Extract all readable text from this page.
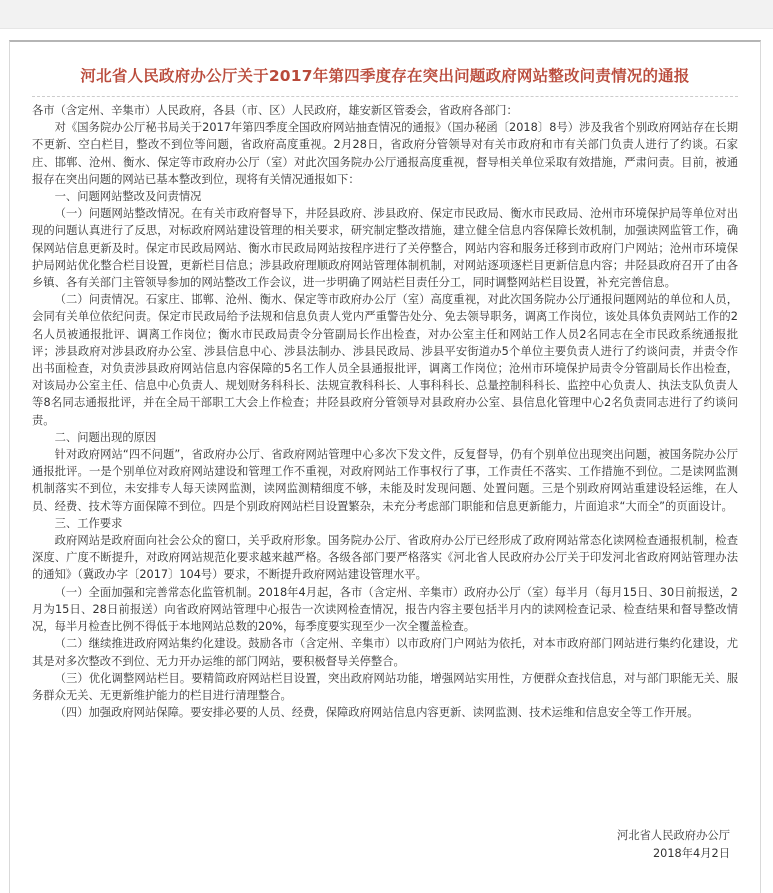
河北省人民政府办公厅关于2017年第四季度存在突出问题政府网站整改问责情况的通报

各市（含定州、辛集市）人民政府，各县（市、区）人民政府，雄安新区管委会，省政府各部门：

对《国务院办公厅秘书局关于2017年第四季度全国政府网站抽查情况的通报》（国办秘函〔2018〕8号）涉及我省个别政府网站存在长期不更新、空白栏目，整改不到位等问题，省政府高度重视。2月28日，省政府分管领导对有关市政府和市有关部门负责人进行了约谈。石家庄、邯郸、沧州、衡水、保定等市政府办公厅（室）对此次国务院办公厅通报高度重视，督导相关单位采取有效措施，严肃问责。目前，被通报存在突出问题的网站已基本整改到位，现将有关情况通报如下：

一、问题网站整改及问责情况

（一）问题网站整改情况。在有关市政府督导下，井陉县政府、涉县政府、保定市民政局、衡水市民政局、沧州市环境保护局等单位对出现的问题认真进行了反思，对标政府网站建设管理的相关要求，研究制定整改措施，建立健全信息内容保障长效机制，加强读网监管工作，确保网站信息更新及时。保定市民政局网站、衡水市民政局网站按程序进行了关停整合，网站内容和服务迁移到市政府门户网站；沧州市环境保护局网站优化整合栏目设置，更新栏目信息；涉县政府理顺政府网站管理体制机制，对网站逐项逐栏目更新信息内容；井陉县政府召开了由各乡镇、各有关部门主管领导参加的网站整改工作会议，进一步明确了网站栏目责任分工，同时调整网站栏目设置，补充完善信息。

（二）问责情况。石家庄、邯郸、沧州、衡水、保定等市政府办公厅（室）高度重视，对此次国务院办公厅通报问题网站的单位和人员，会同有关单位依纪问责。保定市民政局给予法规和信息负责人党内严重警告处分、免去领导职务，调离工作岗位，该处具体负责网站工作的2名人员被通报批评、调离工作岗位；衡水市民政局责令分管副局长作出检查，对办公室主任和网站工作人员2名同志在全市民政系统通报批评；涉县政府对涉县政府办公室、涉县信息中心、涉县法制办、涉县民政局、涉县平安街道办5个单位主要负责人进行了约谈问责，并责令作出书面检查，对负责涉县政府网站信息内容保障的5名工作人员全县通报批评，调离工作岗位；沧州市环境保护局责令分管副局长作出检查，对该局办公室主任、信息中心负责人、规划财务科科长、法规宣教科科长、人事科科长、总量控制科科长、监控中心负责人、执法支队负责人等8名同志通报批评，并在全局干部职工大会上作检查；井陉县政府分管领导对县政府办公室、县信息化管理中心2名负责同志进行了约谈问责。

二、问题出现的原因

针对政府网站“四不问题”，省政府办公厅、省政府网站管理中心多次下发文件，反复督导，仍有个别单位出现突出问题，被国务院办公厅通报批评。一是个别单位对政府网站建设和管理工作不重视，对政府网站工作事权行了事，工作责任不落实、工作措施不到位。二是读网监测机制落实不到位，未安排专人每天读网监测，读网监测精细度不够，未能及时发现问题、处置问题。三是个别政府网站重建设轻运维，在人员、经费、技术等方面保障不到位。四是个别政府网站栏目设置繁杂，未充分考虑部门职能和信息更新能力，片面追求“大而全”的页面设计。

三、工作要求

政府网站是政府面向社会公众的窗口，关乎政府形象。国务院办公厅、省政府办公厅已经形成了政府网站常态化读网检查通报机制，检查深度、广度不断提升，对政府网站规范化要求越来越严格。各级各部门要严格落实《河北省人民政府办公厅关于印发河北省政府网站管理办法的通知》（冀政办字〔2017〕104号）要求，不断提升政府网站建设管理水平。

（一）全面加强和完善常态化监管机制。2018年4月起，各市（含定州、辛集市）政府办公厅（室）每半月（每月15日、30日前报送，2月为15日、28日前报送）向省政府网站管理中心报告一次读网检查情况，报告内容主要包括半月内的读网检查记录、检查结果和督导整改情况，每半月检查比例不得低于本地网站总数的20%，每季度要实现至少一次全覆盖检查。

（二）继续推进政府网站集约化建设。鼓励各市（含定州、辛集市）以市政府门户网站为依托，对本市政府部门网站进行集约化建设，尤其是对多次整改不到位、无力开办运维的部门网站，要积极督导关停整合。

（三）优化调整网站栏目。要精简政府网站栏目设置，突出政府网站功能，增强网站实用性，方便群众查找信息，对与部门职能无关、服务群众无关、无更新维护能力的栏目进行清理整合。

（四）加强政府网站保障。要安排必要的人员、经费，保障政府网站信息内容更新、读网监测、技术运维和信息安全等工作开展。

河北省人民政府办公厅
2018年4月2日
